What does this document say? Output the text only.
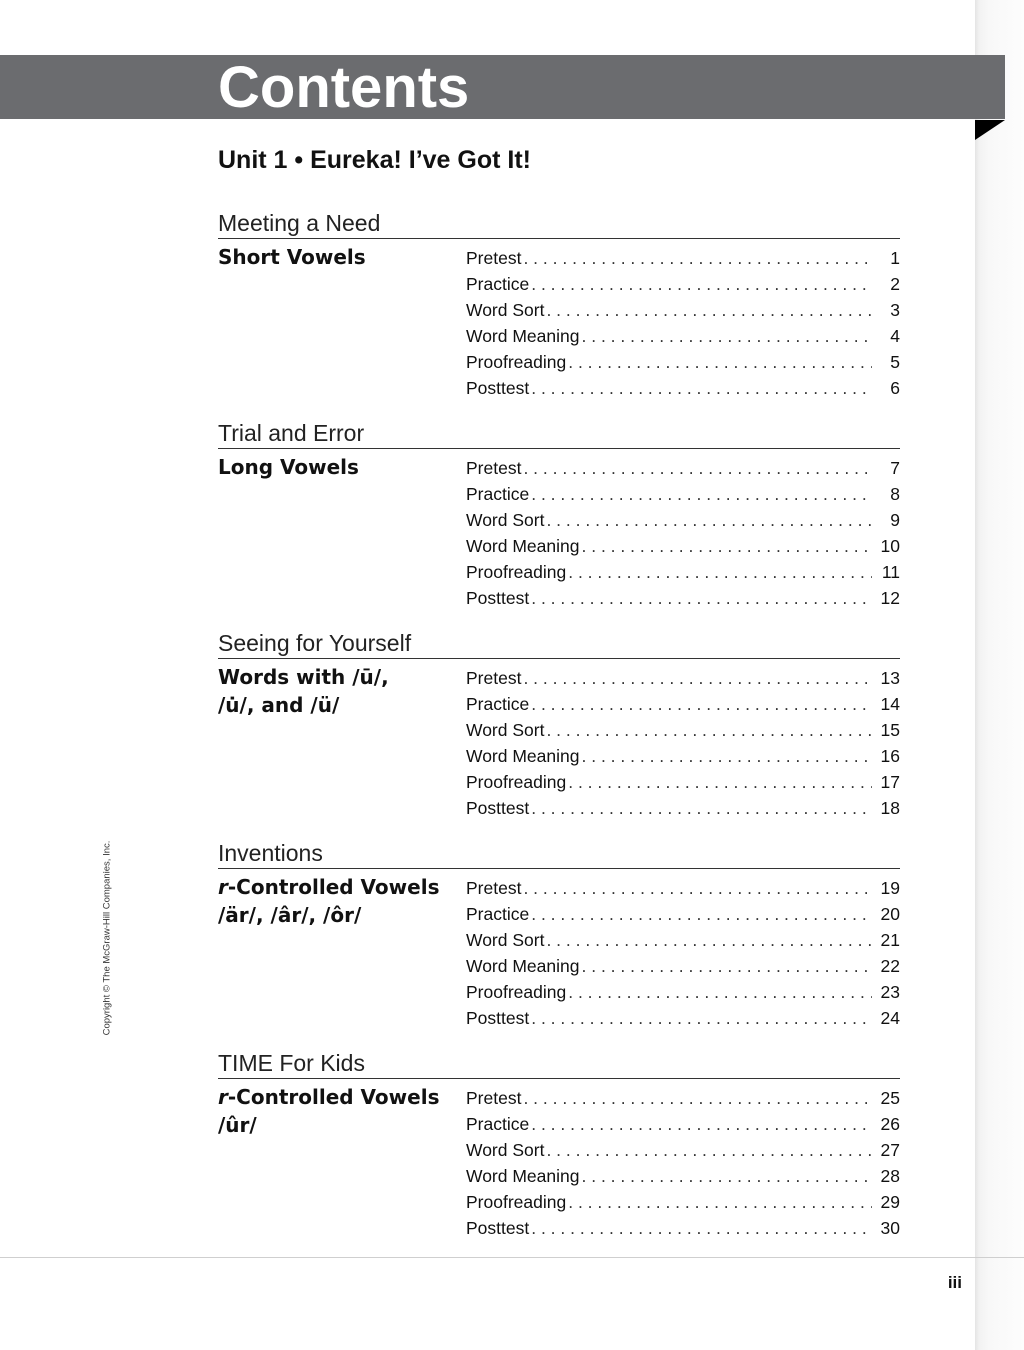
Contents
Unit 1 • Eureka! I’ve Got It!
Meeting a Need
Short Vowels	Pretest . . .	1
Practice . . .	2
Word Sort . . .	3
Word Meaning . . .	4
Proofreading . . .	5
Posttest . . .	6
Trial and Error
Long Vowels	Pretest . . .	7
Practice . . .	8
Word Sort . . .	9
Word Meaning . . .	10
Proofreading . . .	11
Posttest . . .	12
Seeing for Yourself
Words with /ū/,
/u̇/, and /ü/
Pretest . . .	13
Practice . . .	14
Word Sort . . .	15
Word Meaning . . .	16
Proofreading . . .	17
Posttest . . .	18
Inventions
r-Controlled Vowels
/är/, /âr/, /ôr/
Pretest . . .	19
Practice . . .	20
Word Sort . . .	21
Word Meaning . . .	22
Proofreading . . .	23
Posttest . . .	24
TIME For Kids
r-Controlled Vowels
/ûr/
Pretest . . .	25
Practice . . .	26
Word Sort . . .	27
Word Meaning . . .	28
Proofreading . . .	29
Posttest . . .	30
Copyright © The McGraw-Hill Companies, Inc.
iii
